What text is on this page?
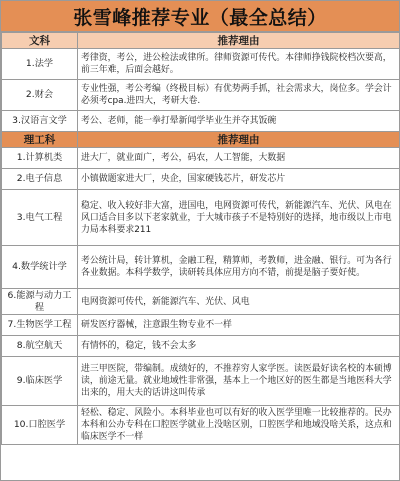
张雪峰推荐专业（最全总结）
文科	推荐理由
1.法学	考律资，考公，进公检法或律所。律师资源可传代。本律师挣钱院校档次要高，前三年难，后面会越好。
2.财会	专业性强，考公考编（终极目标）有优势两手抓，社会需求大，岗位多。学会计必须考cpa.进四大，考研大卷.
3.汉语言文学	考公、老师，能一拳打晕新闻学毕业生并夺其饭碗
理工科	推荐理由
1.计算机类	进大厂，就业面广，考公，码农，人工智能，大数据
2.电子信息	小镇做题家进大厂，央企，国家硬钱芯片，研发芯片
3.电气工程	稳定、收入较好非大富，进国电，电网资源可传代，新能源汽车、光伏、风电在风口适合目多以下老家就业，于大城市孩子不是特别好的选择，地市级以上市电力局本科要求211
4.数学统计学	考公统计局，转计算机，金融工程，精算师，考教师，进金融、银行。可为各行各业数据。本科学数学，读研转具体应用方向不错，前提是脑子要好使。
6.能源与动力工程	电网资源可传代，新能源汽车、光伏、风电
7.生物医学工程	研发医疗器械，注意跟生物专业不一样
8.航空航天	有情怀的，稳定，钱不会太多
9.临床医学	进三甲医院，带编制。成绩好的，不推荐穷人家学医。读医最好读名校的本硕博读，前途无量。就业地域性非常强，基本上一个地区好的医生都是当地医科大学出来的，用大夫的话讲这叫传承
10.口腔医学	轻松、稳定、风险小。本科毕业也可以有好的收入医学里唯一比较推荐的。民办本科和公办专科在口腔医学就业上没啥区别，口腔医学和地域没啥关系，这点和临床医学不一样
